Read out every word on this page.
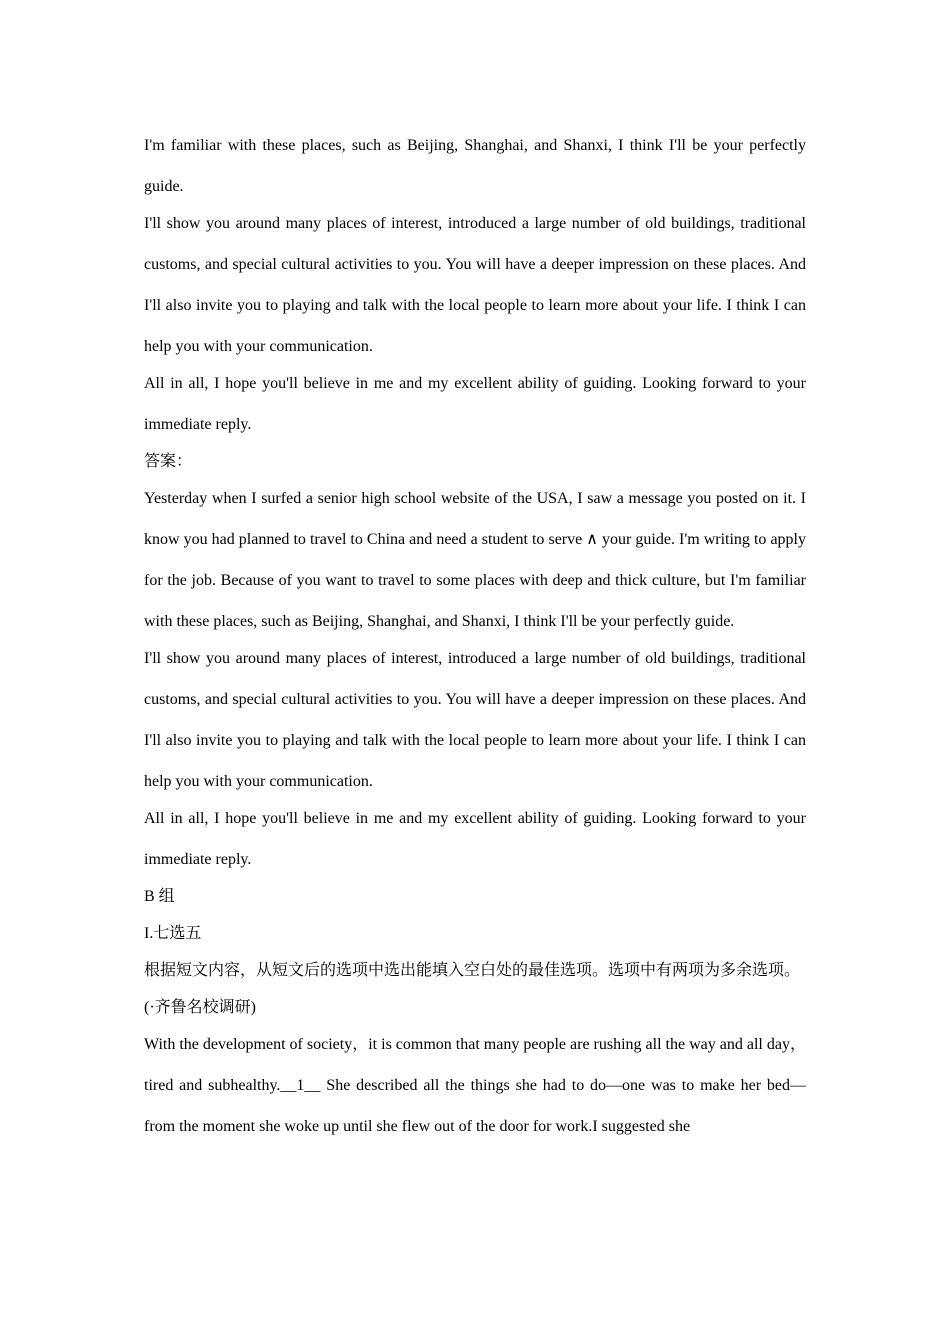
I'm familiar with these places, such as Beijing, Shanghai, and Shanxi, I think I'll be your perfectly guide.

I'll show you around many places of interest, introduced a large number of old buildings, traditional customs, and special cultural activities to you. You will have a deeper impression on these places. And I'll also invite you to playing and talk with the local people to learn more about your life. I think I can help you with your communication.

All in all, I hope you'll believe in me and my excellent ability of guiding. Looking forward to your immediate reply.

答案：

Yesterday when I surfed a senior high school website of the USA, I saw a message you posted on it. I know you had planned to travel to China and need a student to serve ∧ your guide. I'm writing to apply for the job. Because of you want to travel to some places with deep and thick culture, but I'm familiar with these places, such as Beijing, Shanghai, and Shanxi, I think I'll be your perfectly guide.

I'll show you around many places of interest, introduced a large number of old buildings, traditional customs, and special cultural activities to you. You will have a deeper impression on these places. And I'll also invite you to playing and talk with the local people to learn more about your life. I think I can help you with your communication.

All in all, I hope you'll believe in me and my excellent ability of guiding. Looking forward to your immediate reply.

B 组

I.七选五

根据短文内容，从短文后的选项中选出能填入空白处的最佳选项。选项中有两项为多余选项。

(·齐鲁名校调研)

With the development of society，it is common that many people are rushing all the way and all day，tired and subhealthy.__1__ She described all the things she had to do—one was to make her bed—from the moment she woke up until she flew out of the door for work.I suggested she
